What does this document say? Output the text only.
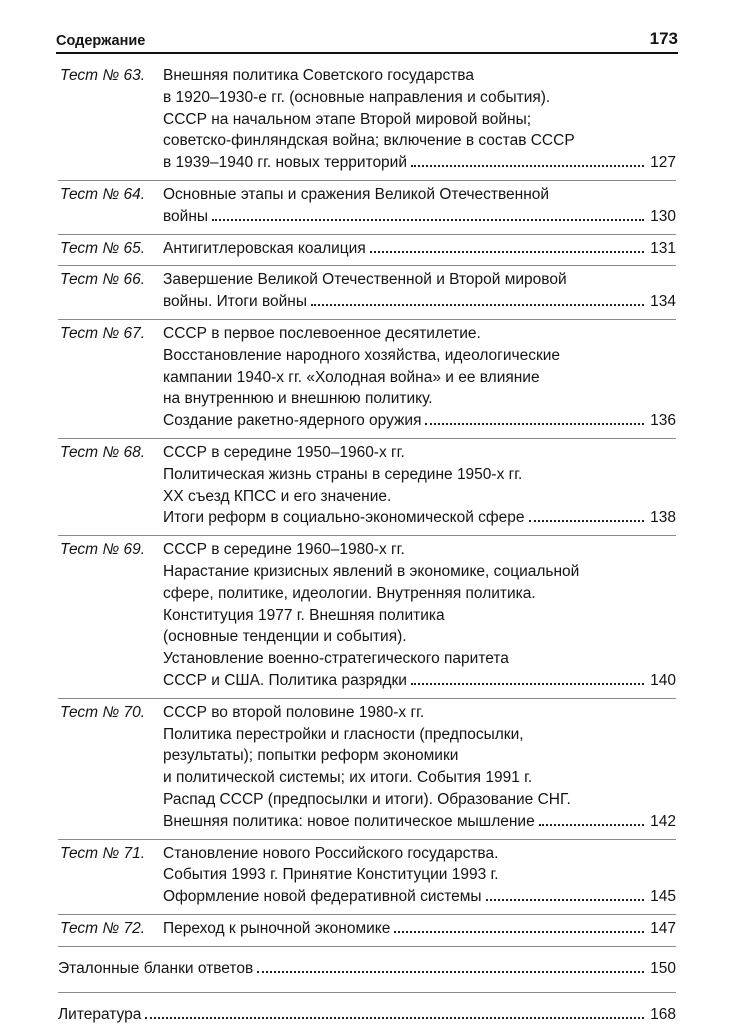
Содержание	173
Тест № 63.	Внешняя политика Советского государства
в 1920–1930-е гг. (основные направления и события).
СССР на начальном этапе Второй мировой войны;
советско-финляндская война; включение в состав СССР
в 1939–1940 гг. новых территорий	127
Тест № 64.	Основные этапы и сражения Великой Отечественной
войны	130
Тест № 65.	Антигитлеровская коалиция	131
Тест № 66.	Завершение Великой Отечественной и Второй мировой
войны. Итоги войны	134
Тест № 67.	СССР в первое послевоенное десятилетие.
Восстановление народного хозяйства, идеологические
кампании 1940-х гг. «Холодная война» и ее влияние
на внутреннюю и внешнюю политику.
Создание ракетно-ядерного оружия	136
Тест № 68.	СССР в середине 1950–1960-х гг.
Политическая жизнь страны в середине 1950-х гг.
XX съезд КПСС и его значение.
Итоги реформ в социально-экономической сфере	138
Тест № 69.	СССР в середине 1960–1980-х гг.
Нарастание кризисных явлений в экономике, социальной
сфере, политике, идеологии. Внутренняя политика.
Конституция 1977 г. Внешняя политика
(основные тенденции и события).
Установление военно-стратегического паритета
СССР и США. Политика разрядки	140
Тест № 70.	СССР во второй половине 1980-х гг.
Политика перестройки и гласности (предпосылки,
результаты); попытки реформ экономики
и политической системы; их итоги. События 1991 г.
Распад СССР (предпосылки и итоги). Образование СНГ.
Внешняя политика: новое политическое мышление	142
Тест № 71.	Становление нового Российского государства.
События 1993 г. Принятие Конституции 1993 г.
Оформление новой федеративной системы	145
Тест № 72.	Переход к рыночной экономике	147
Эталонные бланки ответов	150
Литература	168
